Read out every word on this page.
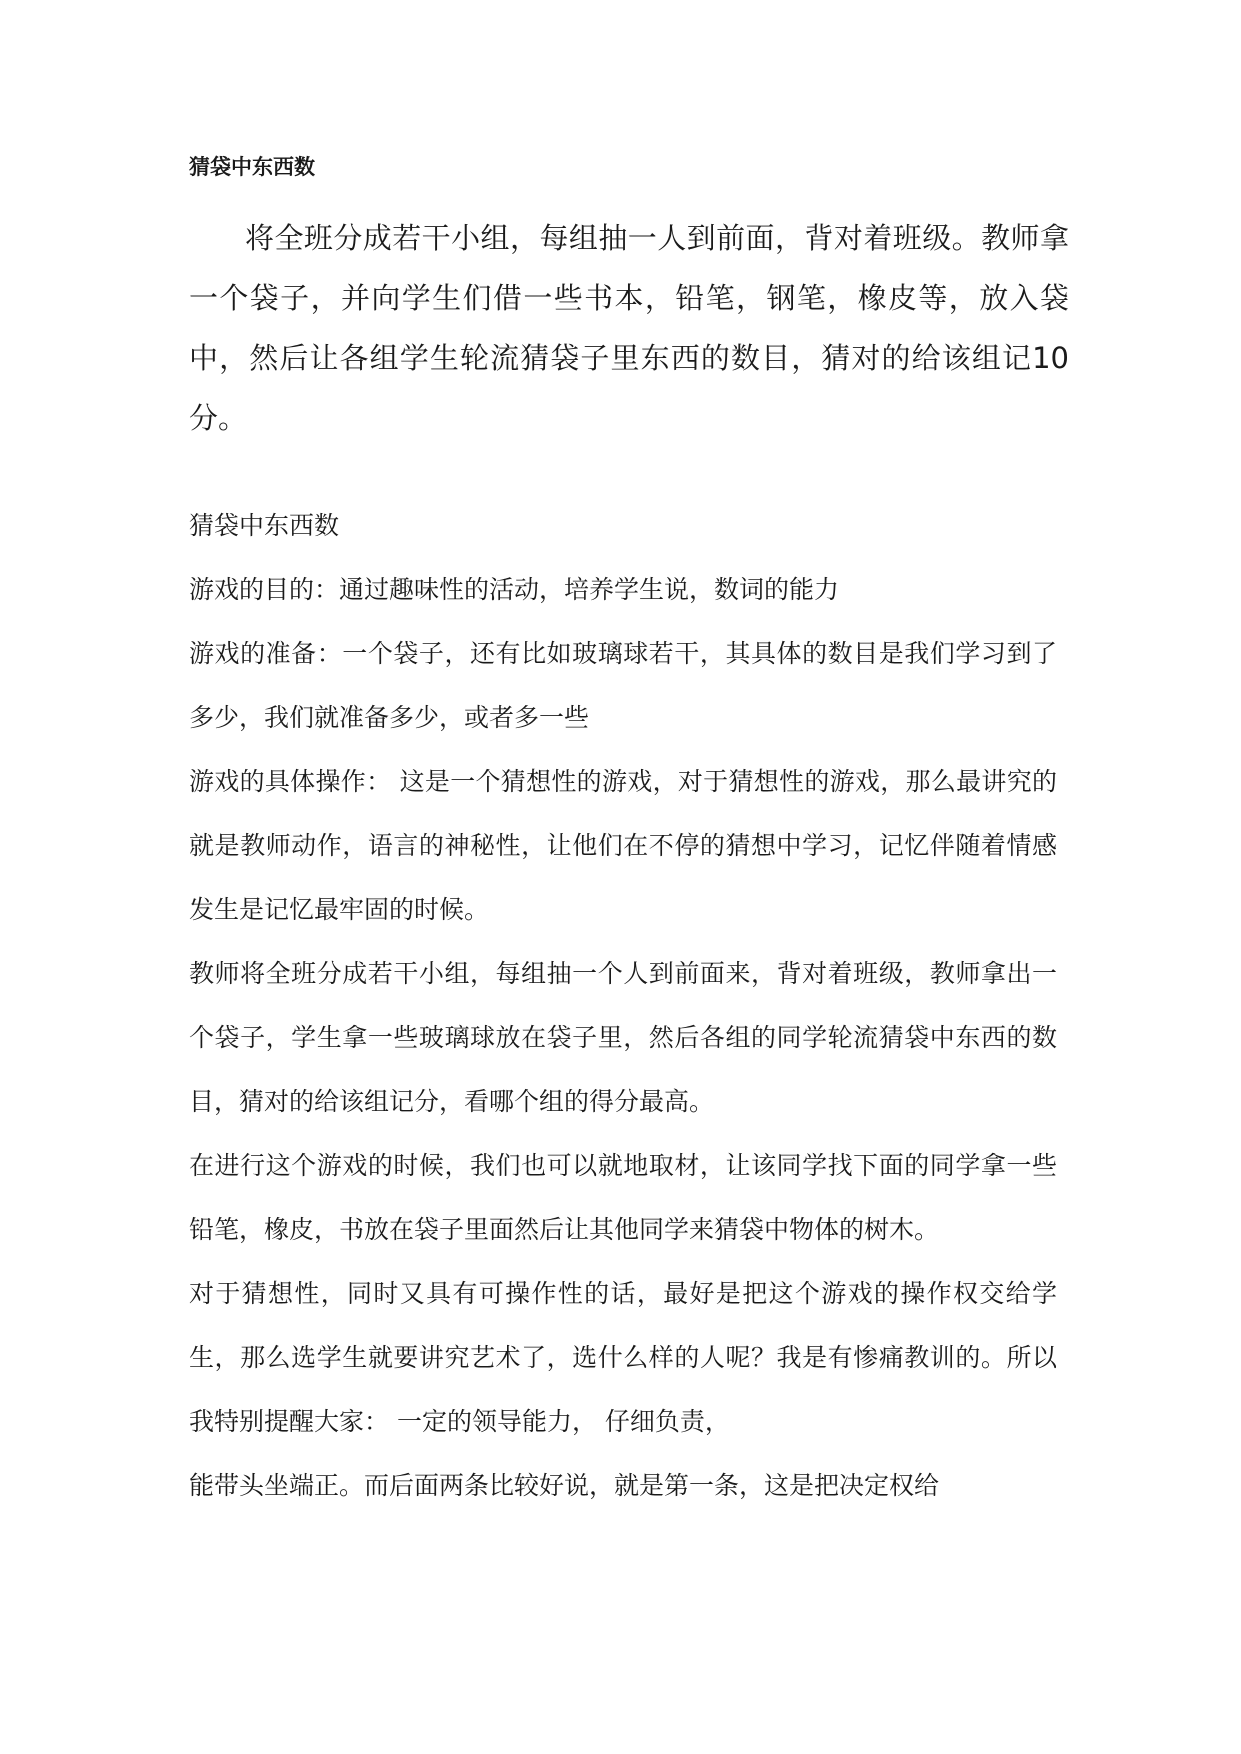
猜袋中东西数

将全班分成若干小组，每组抽一人到前面，背对着班级。教师拿一个袋子，并向学生们借一些书本，铅笔，钢笔，橡皮等，放入袋中，然后让各组学生轮流猜袋子里东西的数目，猜对的给该组记10分。

猜袋中东西数

游戏的目的：通过趣味性的活动，培养学生说，数词的能力

游戏的准备：一个袋子，还有比如玻璃球若干，其具体的数目是我们学习到了多少，我们就准备多少，或者多一些

游戏的具体操作： 这是一个猜想性的游戏，对于猜想性的游戏，那么最讲究的就是教师动作，语言的神秘性，让他们在不停的猜想中学习，记忆伴随着情感发生是记忆最牢固的时候。

教师将全班分成若干小组，每组抽一个人到前面来，背对着班级，教师拿出一个袋子，学生拿一些玻璃球放在袋子里，然后各组的同学轮流猜袋中东西的数目，猜对的给该组记分，看哪个组的得分最高。

在进行这个游戏的时候，我们也可以就地取材，让该同学找下面的同学拿一些铅笔，橡皮，书放在袋子里面然后让其他同学来猜袋中物体的树木。

对于猜想性，同时又具有可操作性的话，最好是把这个游戏的操作权交给学生，那么选学生就要讲究艺术了，选什么样的人呢？我是有惨痛教训的。所以我特别提醒大家： 一定的领导能力， 仔细负责，

能带头坐端正。而后面两条比较好说，就是第一条，这是把决定权给
